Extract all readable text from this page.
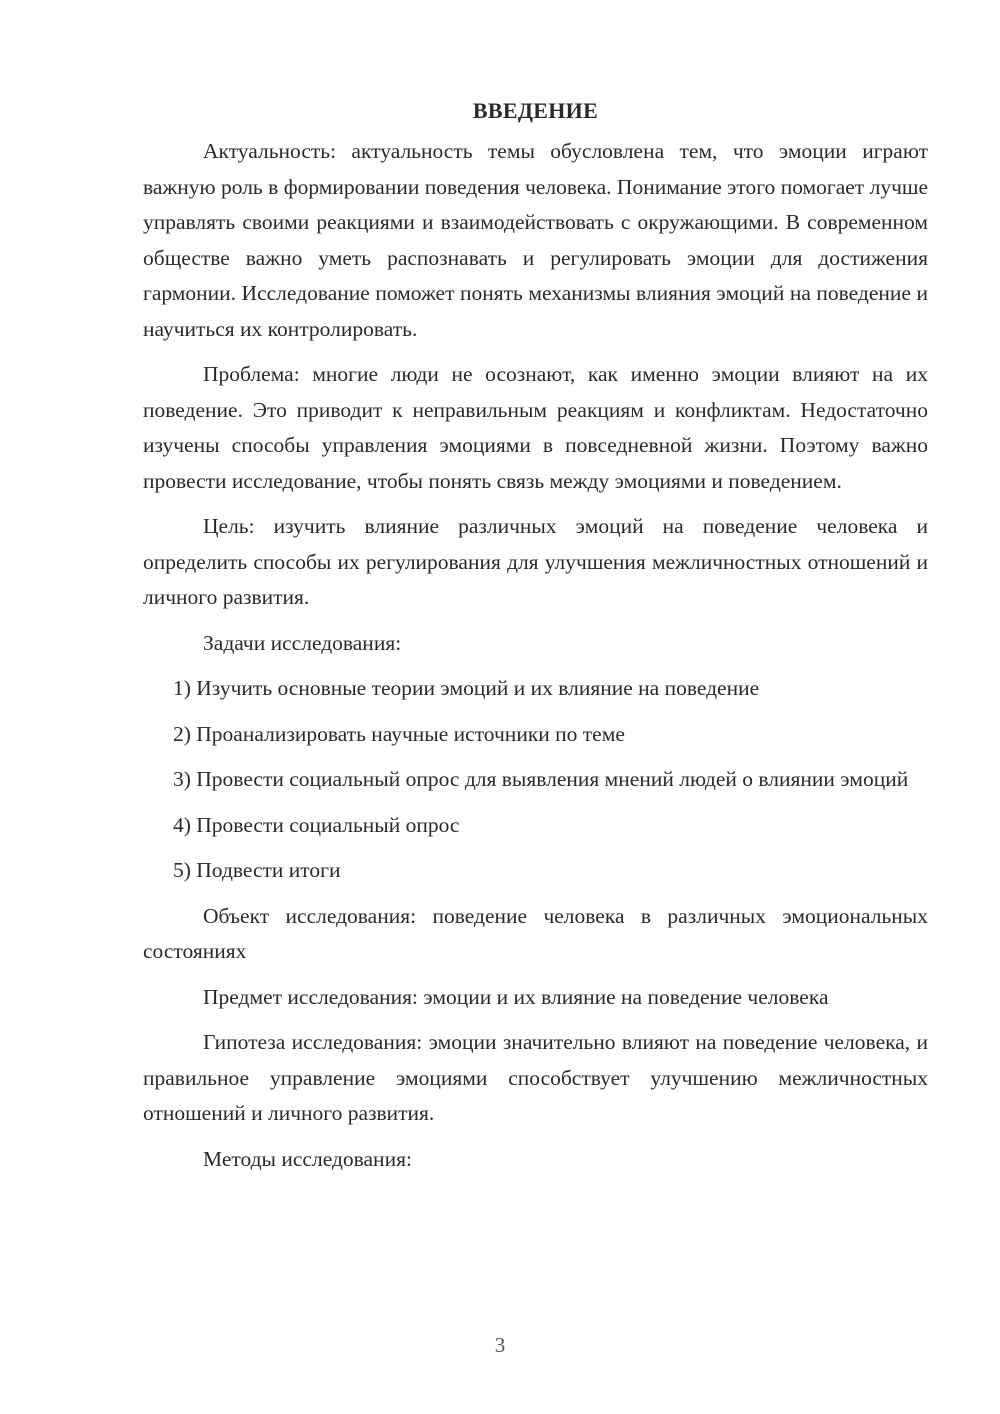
ВВЕДЕНИЕ

Актуальность: актуальность темы обусловлена тем, что эмоции играют важную роль в формировании поведения человека. Понимание этого помогает лучше управлять своими реакциями и взаимодействовать с окружающими. В современном обществе важно уметь распознавать и регулировать эмоции для достижения гармонии. Исследование поможет понять механизмы влияния эмоций на поведение и научиться их контролировать.

Проблема: многие люди не осознают, как именно эмоции влияют на их поведение. Это приводит к неправильным реакциям и конфликтам. Недостаточно изучены способы управления эмоциями в повседневной жизни. Поэтому важно провести исследование, чтобы понять связь между эмоциями и поведением.

Цель: изучить влияние различных эмоций на поведение человека и определить способы их регулирования для улучшения межличностных отношений и личного развития.

Задачи исследования:

1) Изучить основные теории эмоций и их влияние на поведение

2) Проанализировать научные источники по теме

3) Провести социальный опрос для выявления мнений людей о влиянии эмоций

4) Провести социальный опрос

5) Подвести итоги

Объект исследования: поведение человека в различных эмоциональных состояниях

Предмет исследования: эмоции и их влияние на поведение человека

Гипотеза исследования: эмоции значительно влияют на поведение человека, и правильное управление эмоциями способствует улучшению межличностных отношений и личного развития.

Методы исследования:

3
